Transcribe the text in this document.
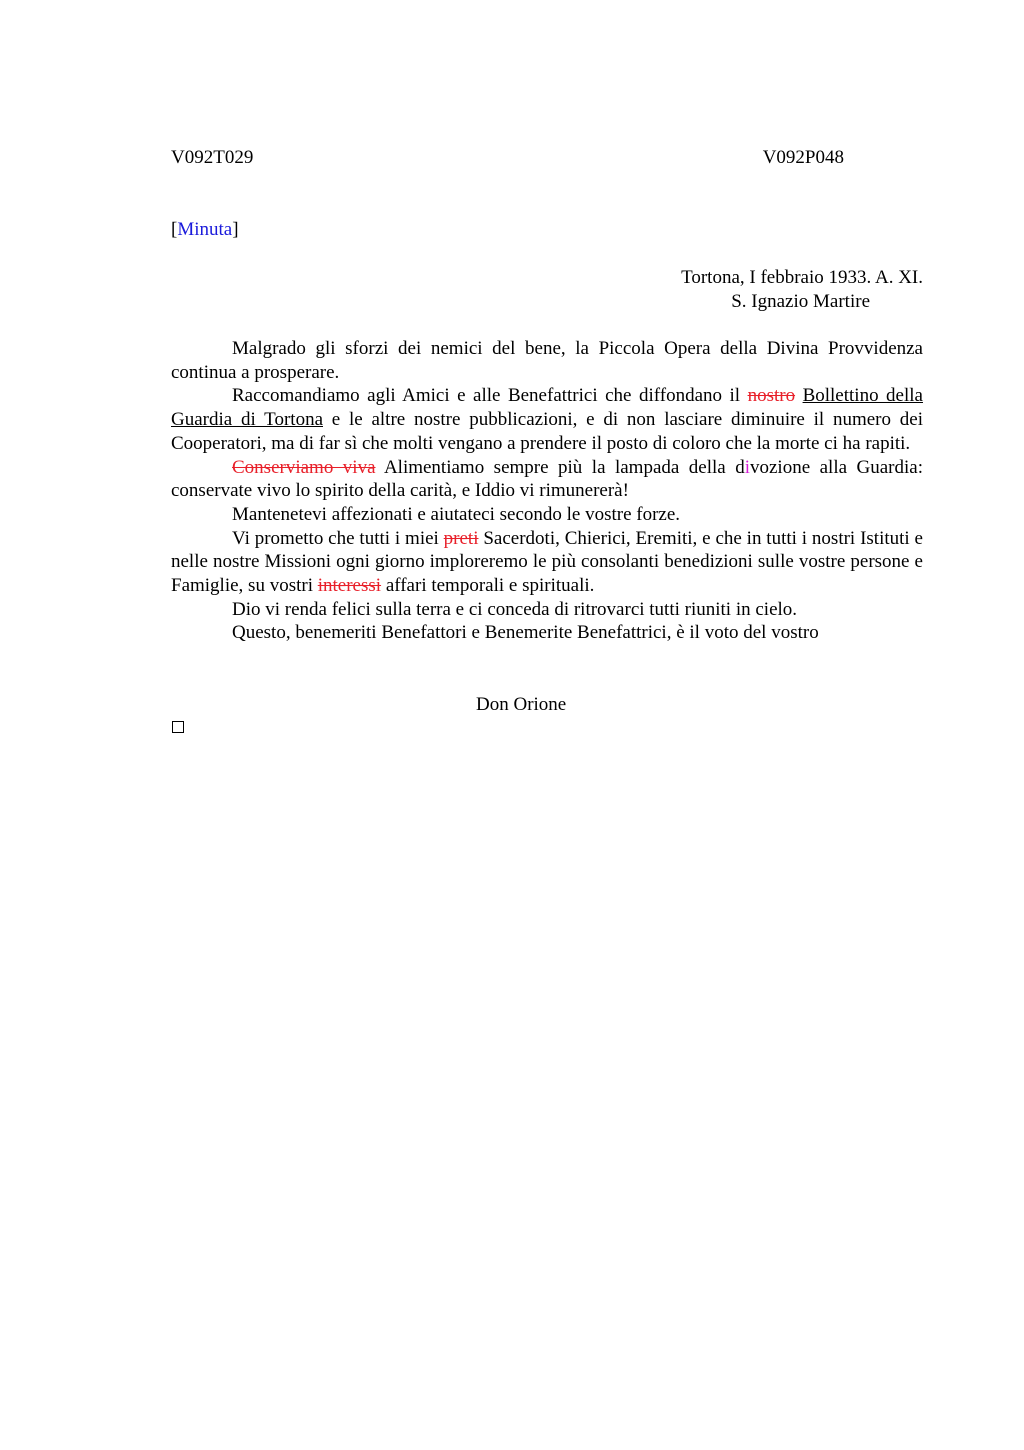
V092T029	V092P048
[Minuta]
Tortona, I febbraio 1933. A. XI.
S. Ignazio Martire

Malgrado gli sforzi dei nemici del bene, la Piccola Opera della Divina Provvidenza continua a prosperare.

Raccomandiamo agli Amici e alle Benefattrici che diffondano il nostro Bollettino della Guardia di Tortona e le altre nostre pubblicazioni, e di non lasciare diminuire il numero dei Cooperatori, ma di far sì che molti vengano a prendere il posto di coloro che la morte ci ha rapiti.

Conserviamo viva Alimentiamo sempre più la lampada della divozione alla Guardia: conservate vivo lo spirito della carità, e Iddio vi rimunererà!

Mantenetevi affezionati e aiutateci secondo le vostre forze.

Vi prometto che tutti i miei preti Sacerdoti, Chierici, Eremiti, e che in tutti i nostri Istituti e nelle nostre Missioni ogni giorno imploreremo le più consolanti benedizioni sulle vostre persone e Famiglie, su vostri interessi affari temporali e spirituali.

Dio vi renda felici sulla terra e ci conceda di ritrovarci tutti riuniti in cielo.

Questo, benemeriti Benefattori e Benemerite Benefattrici, è il voto del vostro

Don Orione
